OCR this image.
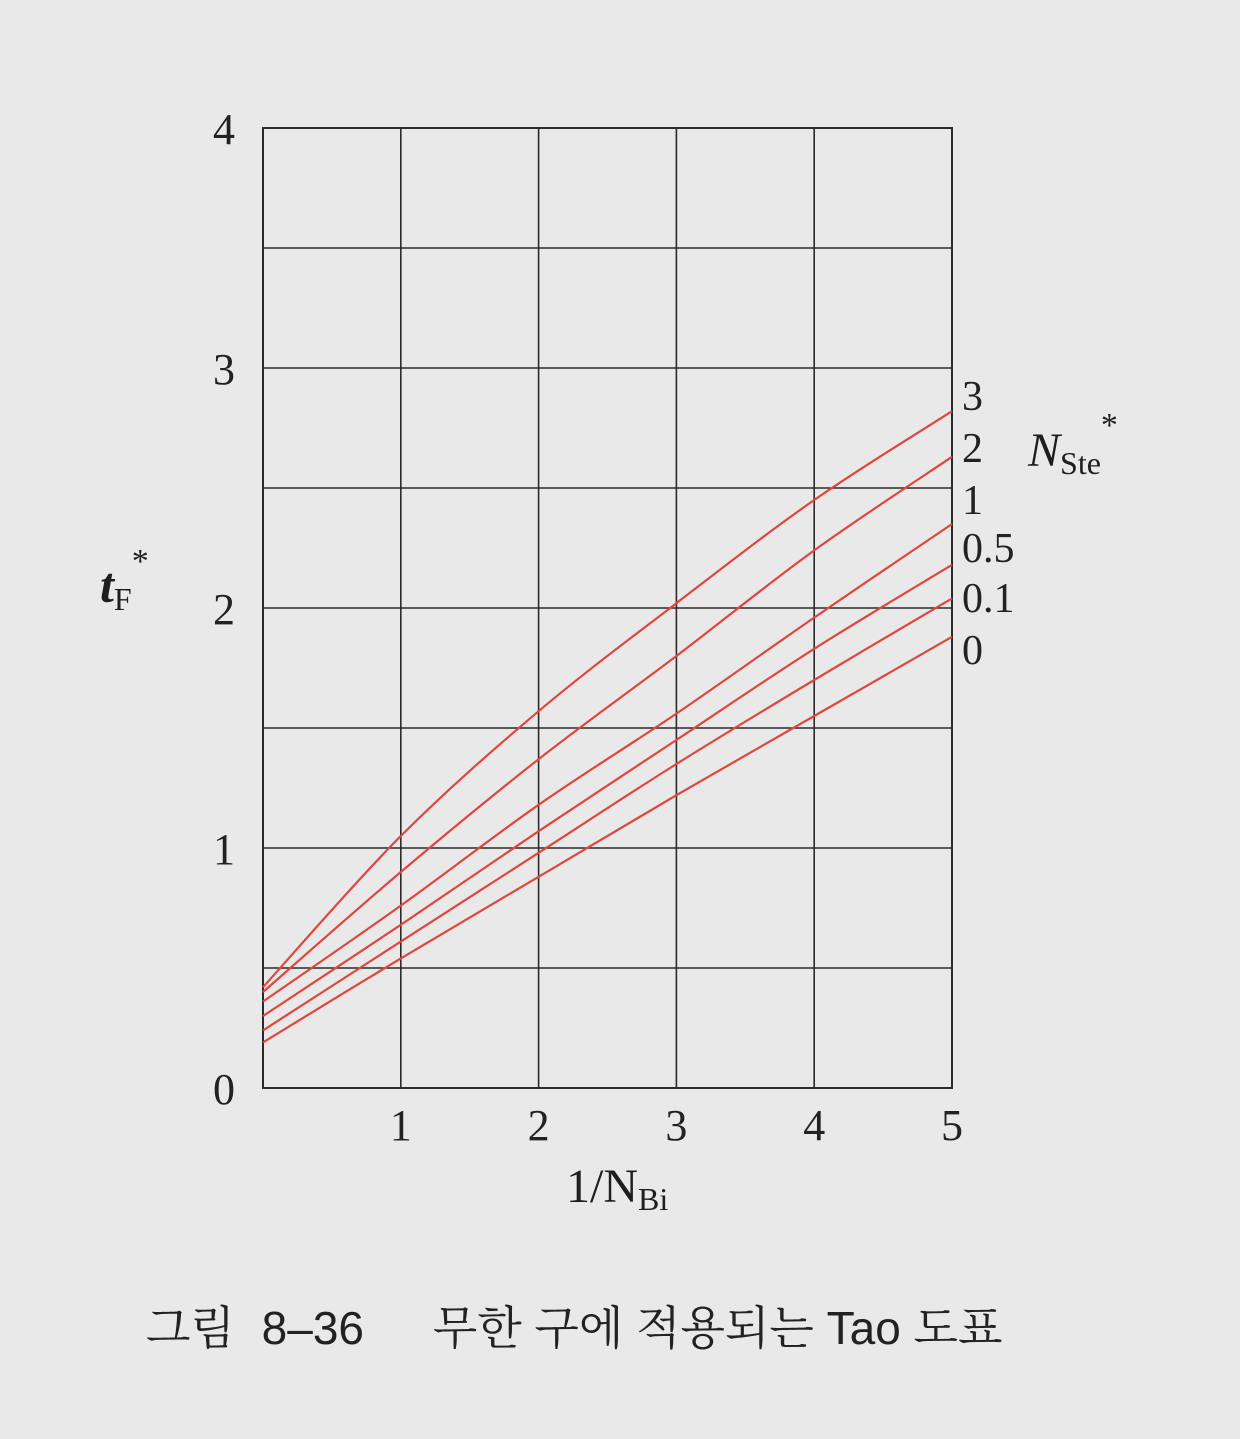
0
1
2
3
4
1	2	3	4	5
3
2
1
0.5
0.1
0
NSte*
tF*
1/NBi
그림 8–36 무한 구에 적용되는 Tao 도표
